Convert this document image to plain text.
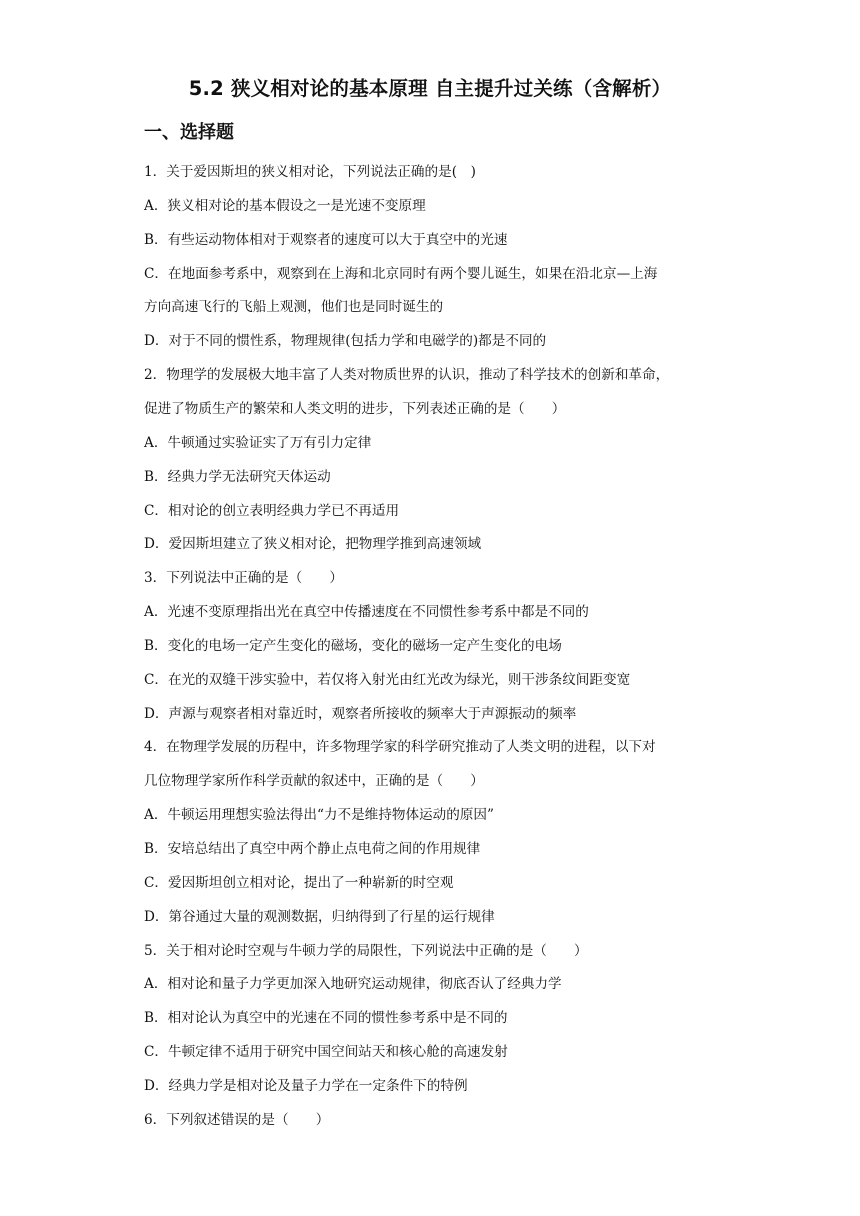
5.2 狭义相对论的基本原理 自主提升过关练（含解析）
一、选择题
1．关于爱因斯坦的狭义相对论，下列说法正确的是(　)
A．狭义相对论的基本假设之一是光速不变原理
B．有些运动物体相对于观察者的速度可以大于真空中的光速
C．在地面参考系中，观察到在上海和北京同时有两个婴儿诞生，如果在沿北京—上海
方向高速飞行的飞船上观测，他们也是同时诞生的
D．对于不同的惯性系，物理规律(包括力学和电磁学的)都是不同的
2．物理学的发展极大地丰富了人类对物质世界的认识，推动了科学技术的创新和革命，
促进了物质生产的繁荣和人类文明的进步，下列表述正确的是（　　）
A．牛顿通过实验证实了万有引力定律
B．经典力学无法研究天体运动
C．相对论的创立表明经典力学已不再适用
D．爱因斯坦建立了狭义相对论，把物理学推到高速领域
3．下列说法中正确的是（　　）
A．光速不变原理指出光在真空中传播速度在不同惯性参考系中都是不同的
B．变化的电场一定产生变化的磁场，变化的磁场一定产生变化的电场
C．在光的双缝干涉实验中，若仅将入射光由红光改为绿光，则干涉条纹间距变宽
D．声源与观察者相对靠近时，观察者所接收的频率大于声源振动的频率
4．在物理学发展的历程中，许多物理学家的科学研究推动了人类文明的进程，以下对
几位物理学家所作科学贡献的叙述中，正确的是（　　）
A．牛顿运用理想实验法得出“力不是维持物体运动的原因”
B．安培总结出了真空中两个静止点电荷之间的作用规律
C．爱因斯坦创立相对论，提出了一种崭新的时空观
D．第谷通过大量的观测数据，归纳得到了行星的运行规律
5．关于相对论时空观与牛顿力学的局限性，下列说法中正确的是（　　）
A．相对论和量子力学更加深入地研究运动规律，彻底否认了经典力学
B．相对论认为真空中的光速在不同的惯性参考系中是不同的
C．牛顿定律不适用于研究中国空间站天和核心舱的高速发射
D．经典力学是相对论及量子力学在一定条件下的特例
6．下列叙述错误的是（　　）
